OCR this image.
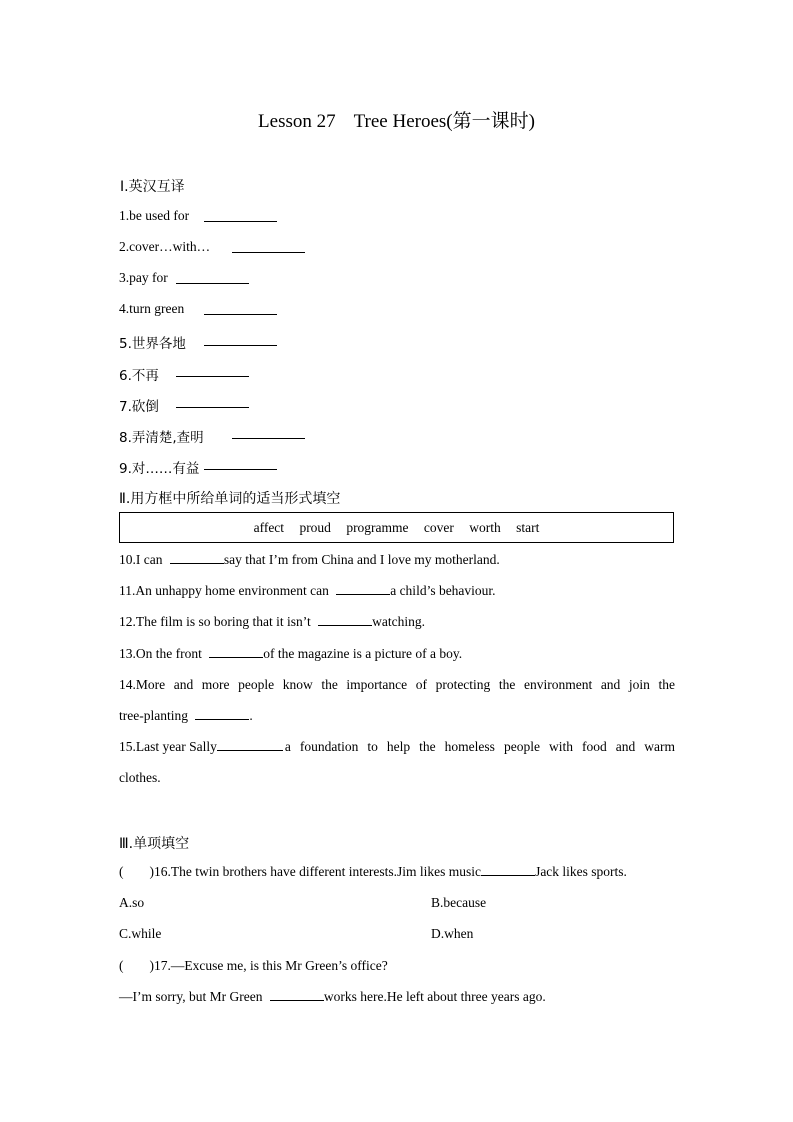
Lesson 27 Tree Heroes(第一课时)
Ⅰ.英汉互译
1.be used for
2.cover…with…
3.pay for
4.turn green
5.世界各地
6.不再
7.砍倒
8.弄清楚,查明
9.对……有益
Ⅱ.用方框中所给单词的适当形式填空
affect proud programme cover worth start
10.I can	say that I’m from China and I love my motherland.
11.An unhappy home environment can	a child’s behaviour.
12.The film is so boring that it isn’t	watching.
13.On the front	of the magazine is a picture of a boy.
14.More and more people know the importance of protecting the environment and join the
tree-planting	.
15.Last year Sally	a foundation to help the homeless people with food and warm
clothes.
Ⅲ.单项填空
( )16.The twin brothers have different interests.Jim likes music	Jack likes sports.
A.so	B.because
C.while	D.when
( )17.—Excuse me, is this Mr Green’s office?
—I’m sorry, but Mr Green	works here.He left about three years ago.
